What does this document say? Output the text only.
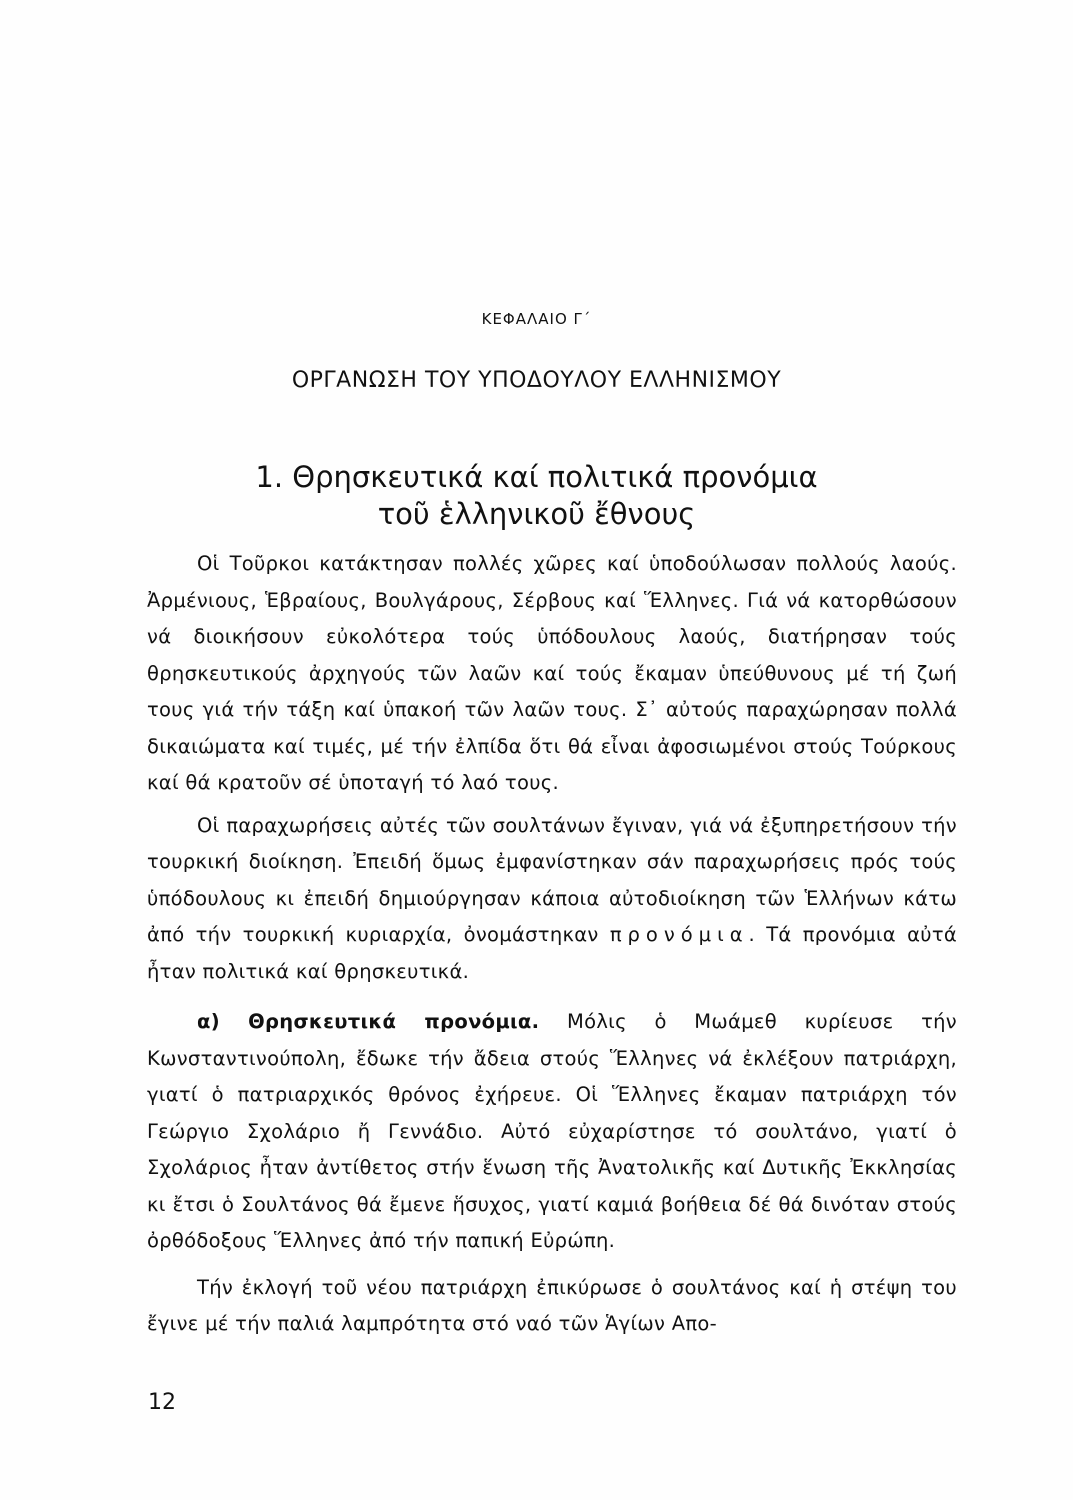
ΚΕΦΑΛΑΙΟ Γ΄
ΟΡΓΑΝΩΣΗ ΤΟΥ ΥΠΟΔΟΥΛΟΥ ΕΛΛΗΝΙΣΜΟΥ
1. Θρησκευτικά καί πολιτικά προνόμια
τοῦ ἑλληνικοῦ ἔθνους

Οἱ Τοῦρκοι κατάκτησαν πολλές χῶρες καί ὑποδούλωσαν πολλούς λαούς. Ἀρμένιους, Ἑβραίους, Βουλγάρους, Σέρβους καί Ἕλληνες. Γιά νά κατορθώσουν νά διοικήσουν εὐκολότερα τούς ὑπόδουλους λαούς, διατήρησαν τούς θρησκευτικούς ἀρχηγούς τῶν λαῶν καί τούς ἔκαμαν ὑπεύθυνους μέ τή ζωή τους γιά τήν τάξη καί ὑπακοή τῶν λαῶν τους. Σ᾿ αὐτούς παραχώρησαν πολλά δικαιώματα καί τιμές, μέ τήν ἐλπίδα ὅτι θά εἶναι ἀφοσιωμένοι στούς Τούρκους καί θά κρατοῦν σέ ὑποταγή τό λαό τους.

Οἱ παραχωρήσεις αὐτές τῶν σουλτάνων ἔγιναν, γιά νά ἐξυπηρετήσουν τήν τουρκική διοίκηση. Ἐπειδή ὅμως ἐμφανίστηκαν σάν παραχωρήσεις πρός τούς ὑπόδουλους κι ἐπειδή δημιούργησαν κάποια αὐτοδιοίκηση τῶν Ἑλλήνων κάτω ἀπό τήν τουρκική κυριαρχία, ὀνομάστηκαν προνόμια. Τά προνόμια αὐτά ἦταν πολιτικά καί θρησκευτικά.

α) Θρησκευτικά προνόμια. Μόλις ὁ Μωάμεθ κυρίευσε τήν Κωνσταντινούπολη, ἔδωκε τήν ἄδεια στούς Ἕλληνες νά ἐκλέξουν πατριάρχη, γιατί ὁ πατριαρχικός θρόνος ἐχήρευε. Οἱ Ἕλληνες ἔκαμαν πατριάρχη τόν Γεώργιο Σχολάριο ἤ Γεννάδιο. Αὐτό εὐχαρίστησε τό σουλτάνο, γιατί ὁ Σχολάριος ἦταν ἀντίθετος στήν ἕνωση τῆς Ἀνατολικῆς καί Δυτικῆς Ἐκκλησίας κι ἔτσι ὁ Σουλτάνος θά ἔμενε ἥσυχος, γιατί καμιά βοήθεια δέ θά δινόταν στούς ὀρθόδοξους Ἕλληνες ἀπό τήν παπική Εὐρώπη.

Τήν ἐκλογή τοῦ νέου πατριάρχη ἐπικύρωσε ὁ σουλτάνος καί ἡ στέψη του ἔγινε μέ τήν παλιά λαμπρότητα στό ναό τῶν Ἁγίων Απο-

12
